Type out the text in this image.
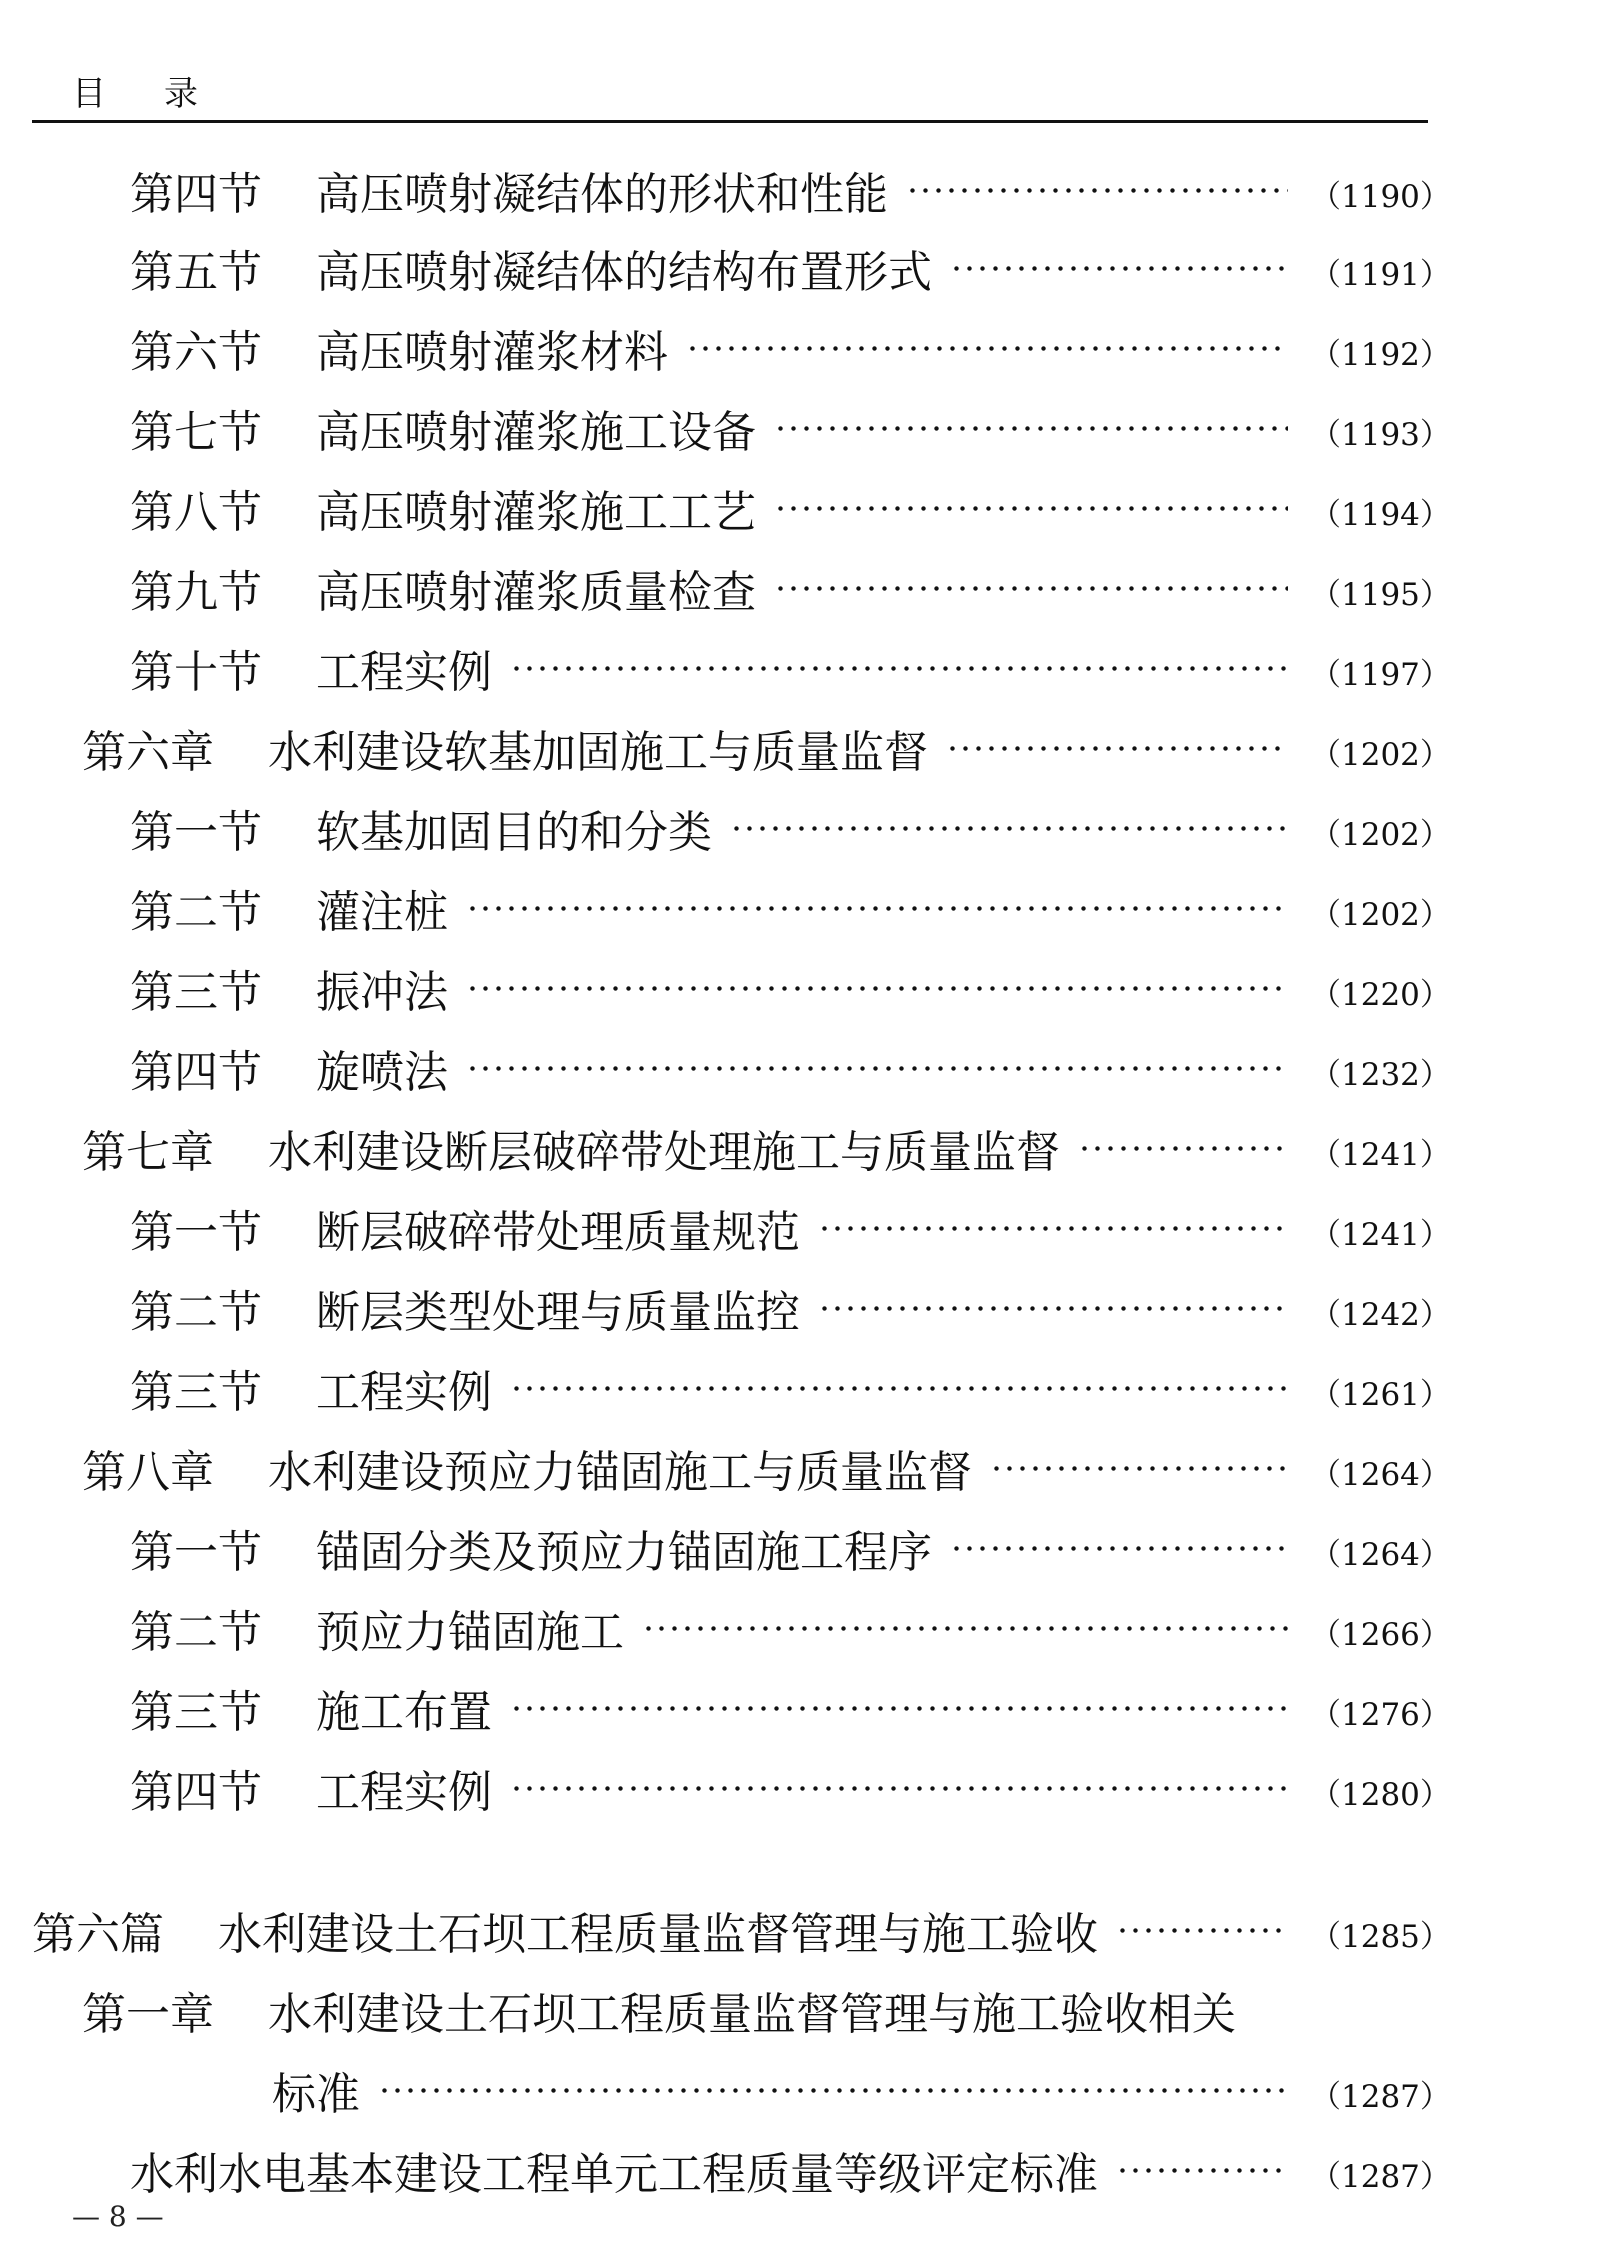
目 录
第四节 高压喷射凝结体的形状和性能	（1190）
第五节 高压喷射凝结体的结构布置形式	（1191）
第六节 高压喷射灌浆材料	（1192）
第七节 高压喷射灌浆施工设备	（1193）
第八节 高压喷射灌浆施工工艺	（1194）
第九节 高压喷射灌浆质量检查	（1195）
第十节 工程实例	（1197）
第六章 水利建设软基加固施工与质量监督	（1202）
第一节 软基加固目的和分类	（1202）
第二节 灌注桩	（1202）
第三节 振冲法	（1220）
第四节 旋喷法	（1232）
第七章 水利建设断层破碎带处理施工与质量监督	（1241）
第一节 断层破碎带处理质量规范	（1241）
第二节 断层类型处理与质量监控	（1242）
第三节 工程实例	（1261）
第八章 水利建设预应力锚固施工与质量监督	（1264）
第一节 锚固分类及预应力锚固施工程序	（1264）
第二节 预应力锚固施工	（1266）
第三节 施工布置	（1276）
第四节 工程实例	（1280）
第六篇 水利建设土石坝工程质量监督管理与施工验收	（1285）
第一章 水利建设土石坝工程质量监督管理与施工验收相关
标准	（1287）
水利水电基本建设工程单元工程质量等级评定标准	（1287）
— 8 —
